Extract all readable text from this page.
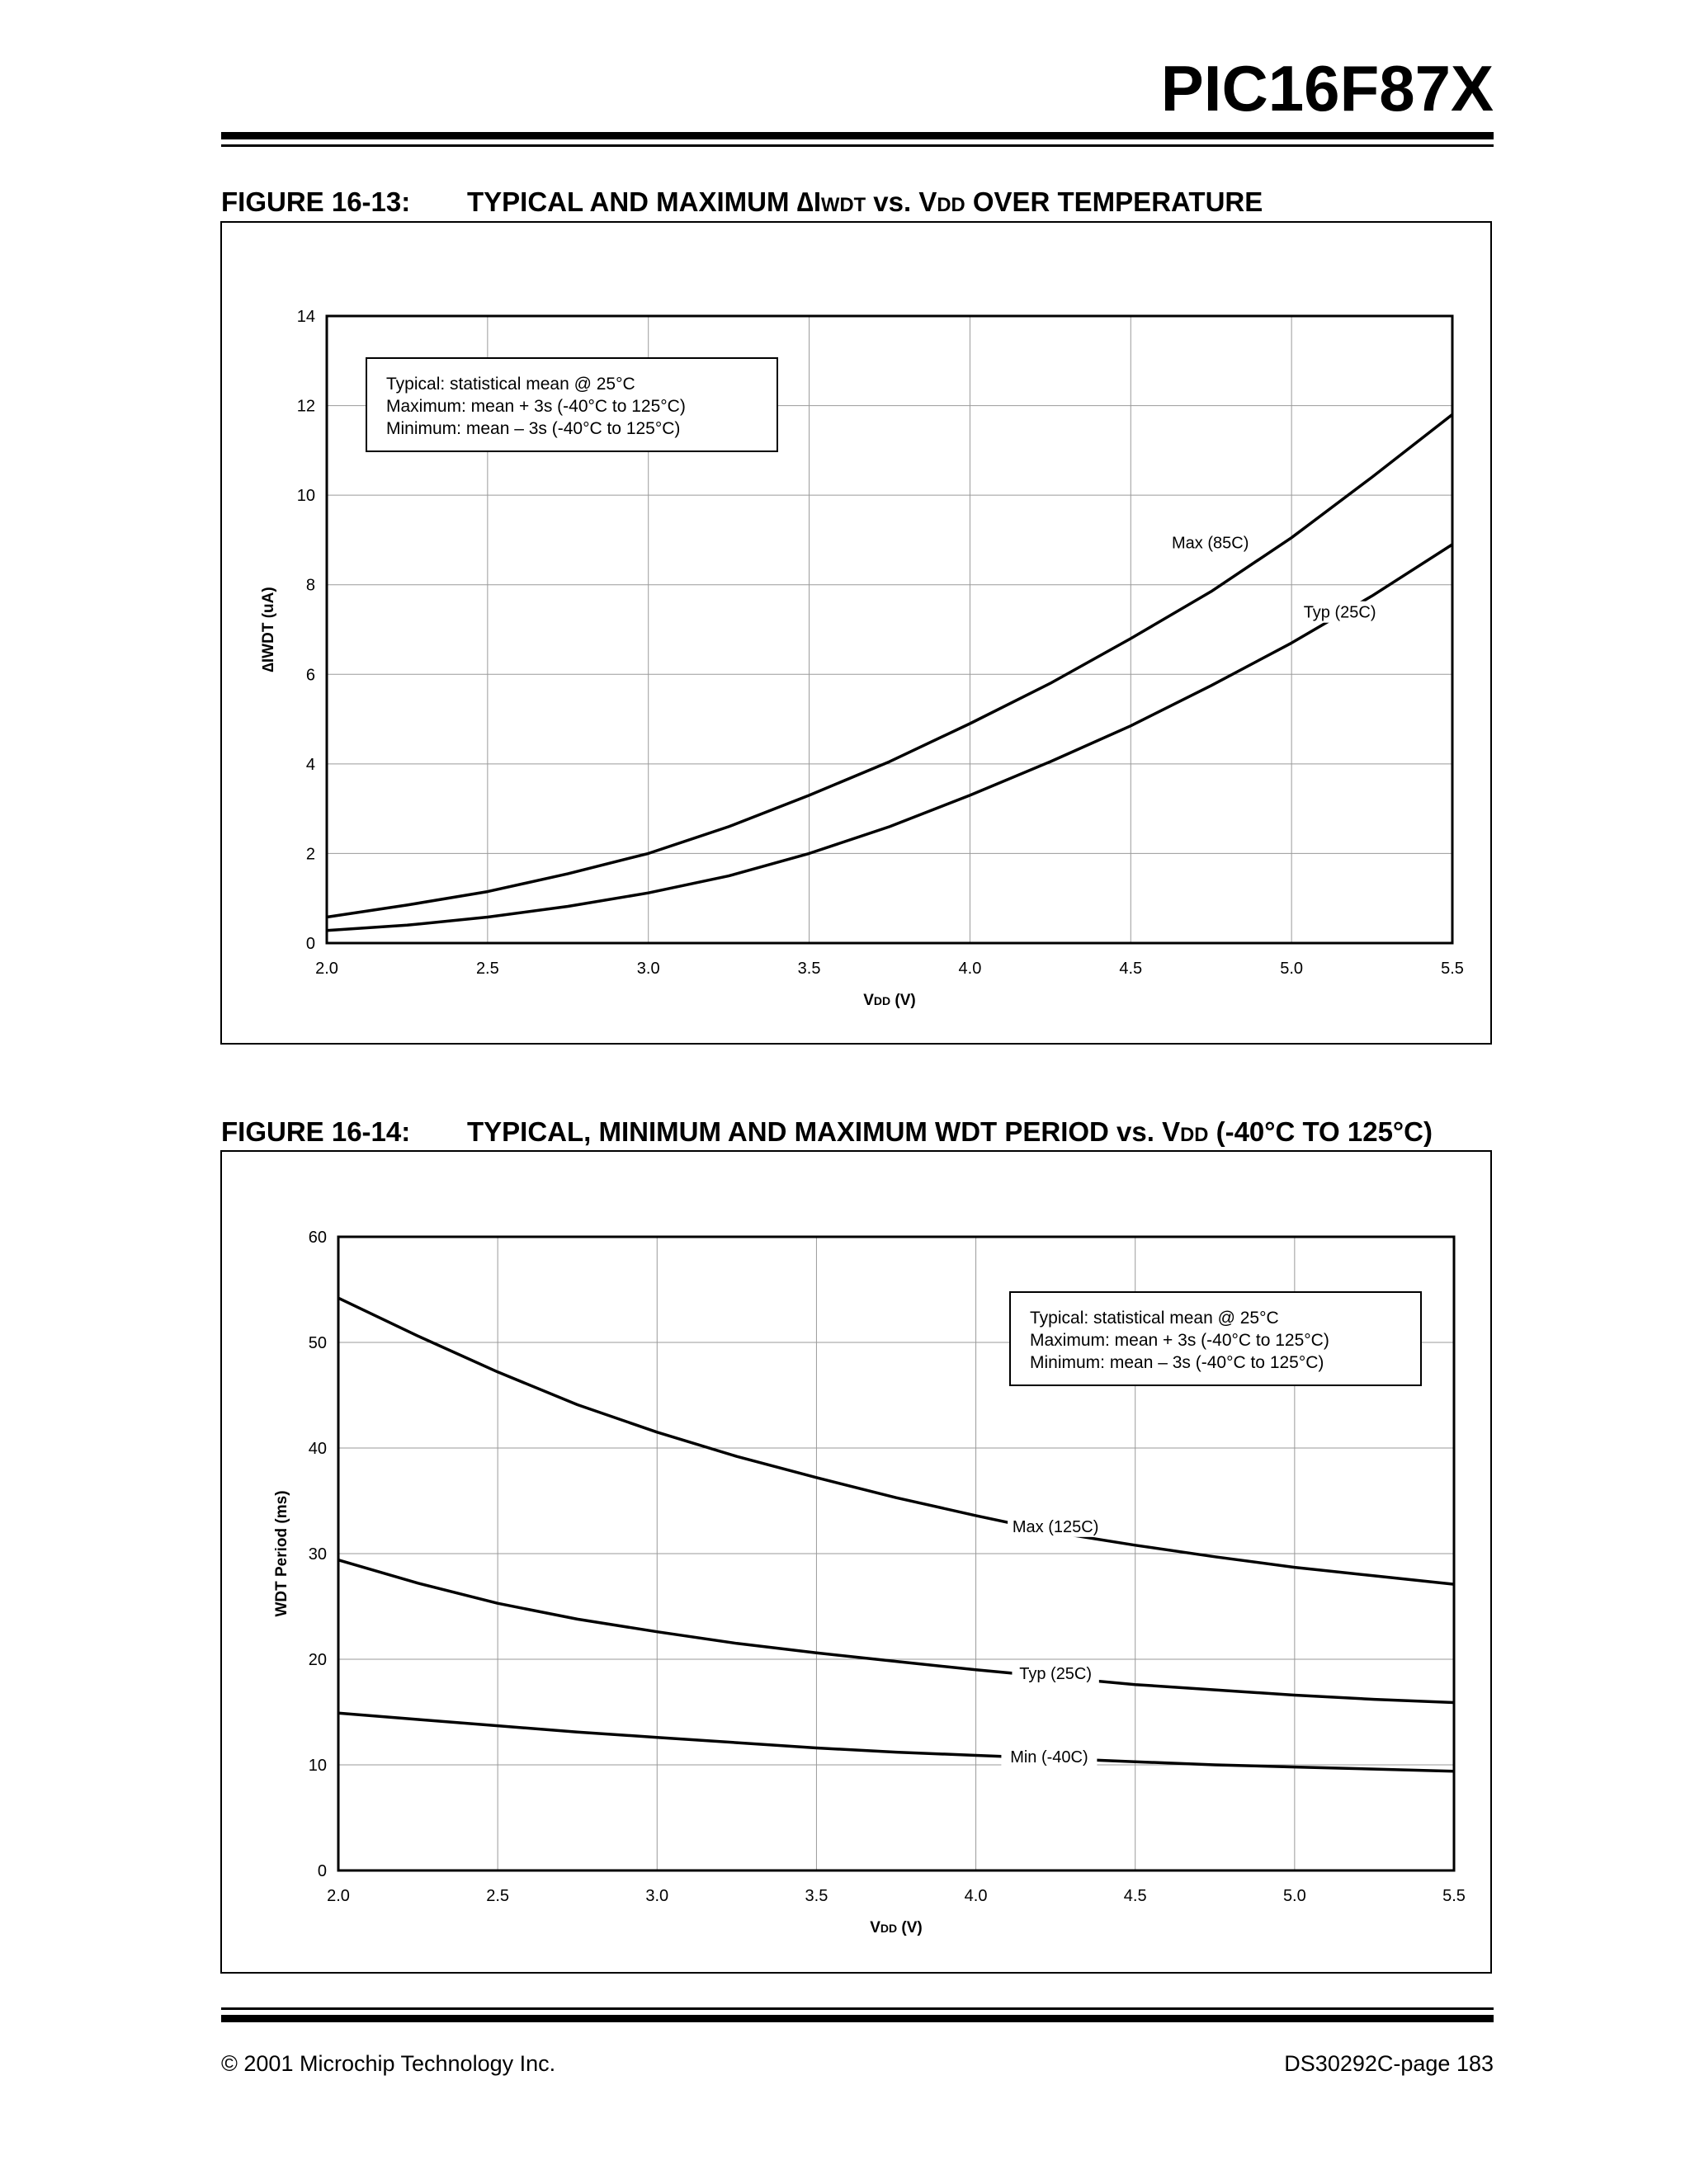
PIC16F87X
FIGURE 16-13: TYPICAL AND MAXIMUM ∆IWDT vs. VDD OVER TEMPERATURE
2.0	2.5	3.0	3.5	4.0	4.5	5.0	5.5
0
2
4
6
8
10
12
14
VDD (V)
∆IWDT (uA)
Max (85C)
Typ (25C)
Typical: statistical mean @ 25°C
Maximum: mean + 3s (-40°C to 125°C)
Minimum: mean – 3s (-40°C to 125°C)
FIGURE 16-14: TYPICAL, MINIMUM AND MAXIMUM WDT PERIOD vs. VDD (-40°C TO 125°C)
2.0	2.5	3.0	3.5	4.0	4.5	5.0	5.5
0
10
20
30
40
50
60
VDD (V)
WDT Period (ms)	Max (125C)
Typ (25C)
Min (-40C)
Typical: statistical mean @ 25°C
Maximum: mean + 3s (-40°C to 125°C)
Minimum: mean – 3s (-40°C to 125°C)
© 2001 Microchip Technology Inc.	DS30292C-page 183
